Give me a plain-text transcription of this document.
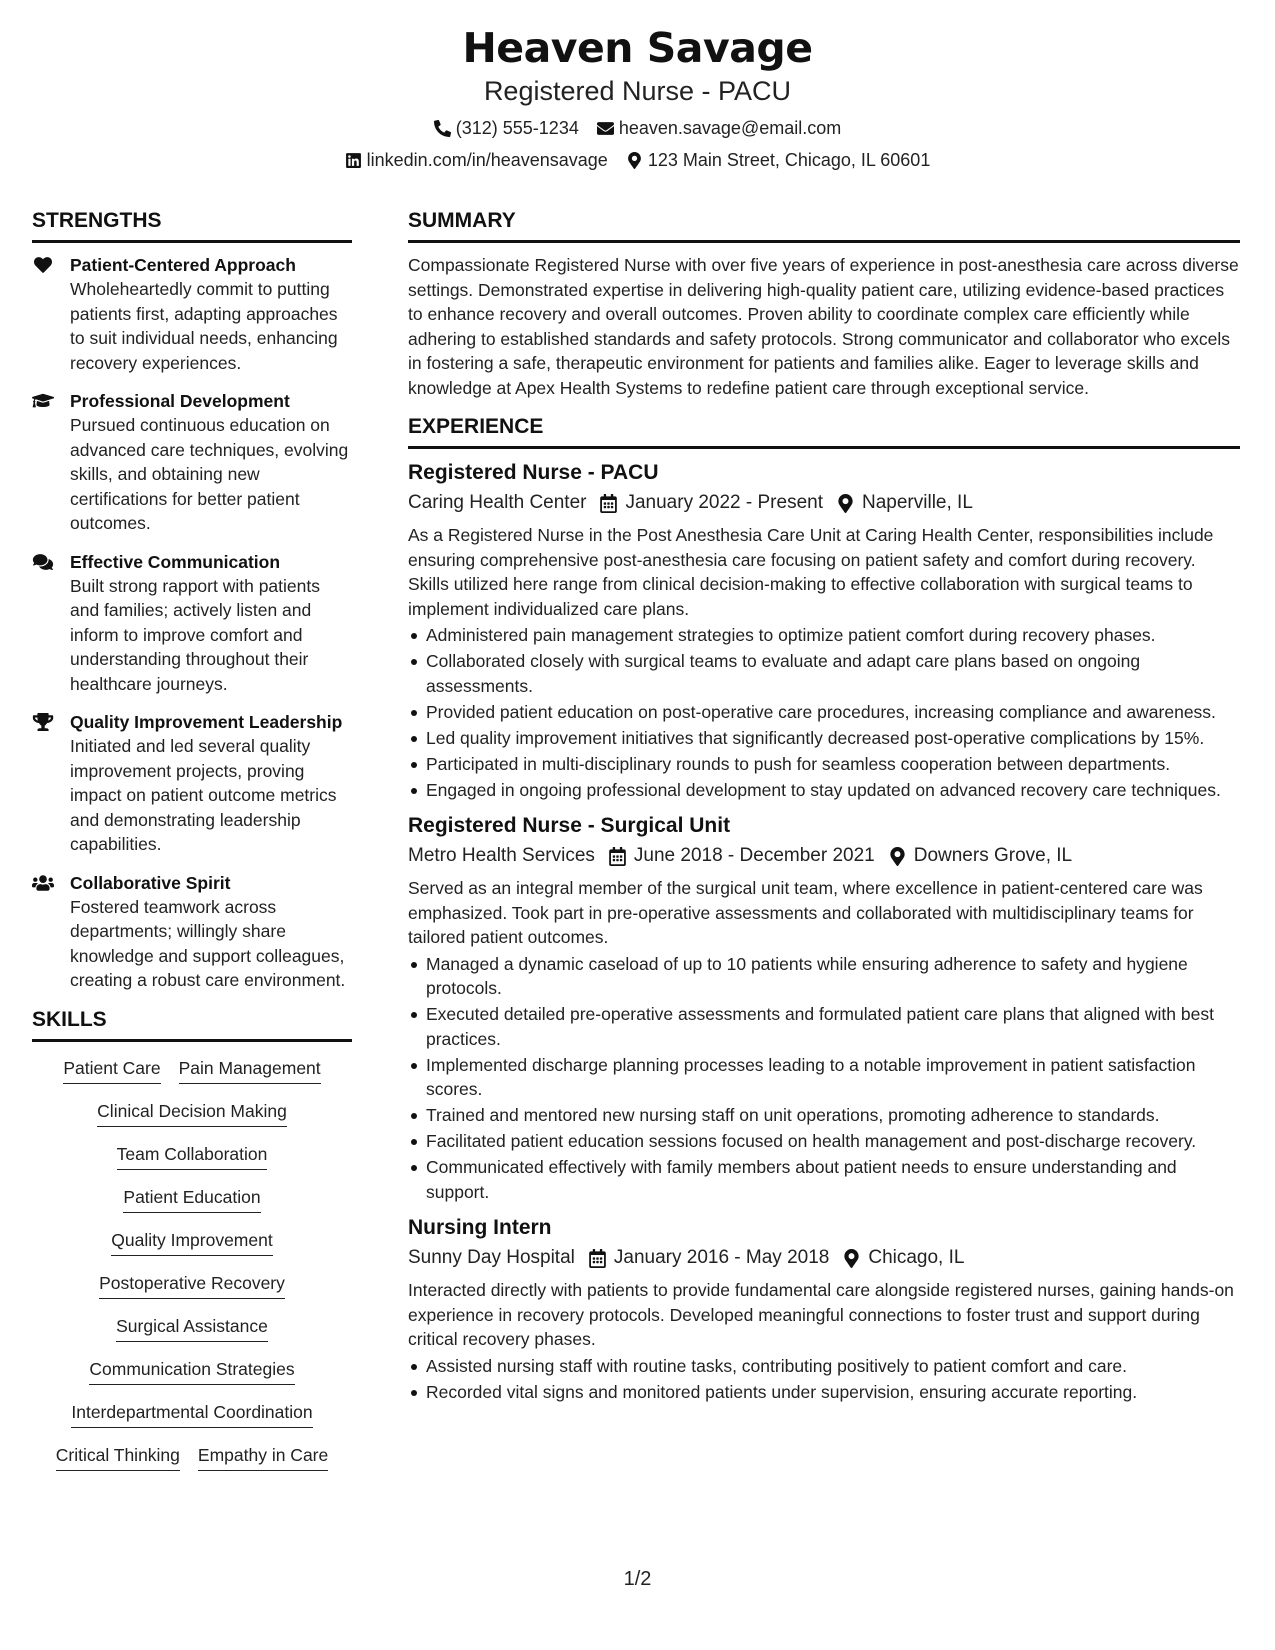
Heaven Savage
Registered Nurse - PACU
(312) 555-1234 heaven.savage@email.com
linkedin.com/in/heavensavage 123 Main Street, Chicago, IL 60601
STRENGTHS
Patient-Centered Approach
Wholeheartedly commit to putting patients first, adapting approaches to suit individual needs, enhancing recovery experiences.
Professional Development
Pursued continuous education on advanced care techniques, evolving skills, and obtaining new certifications for better patient outcomes.
Effective Communication
Built strong rapport with patients and families; actively listen and inform to improve comfort and understanding throughout their healthcare journeys.
Quality Improvement Leadership
Initiated and led several quality improvement projects, proving impact on patient outcome metrics and demonstrating leadership capabilities.
Collaborative Spirit
Fostered teamwork across departments; willingly share knowledge and support colleagues, creating a robust care environment.
SKILLS
Patient Care Pain Management
Clinical Decision Making
Team Collaboration
Patient Education
Quality Improvement
Postoperative Recovery
Surgical Assistance
Communication Strategies
Interdepartmental Coordination
Critical Thinking Empathy in Care
SUMMARY
Compassionate Registered Nurse with over five years of experience in post-anesthesia care across diverse settings. Demonstrated expertise in delivering high-quality patient care, utilizing evidence-based practices to enhance recovery and overall outcomes. Proven ability to coordinate complex care efficiently while adhering to established standards and safety protocols. Strong communicator and collaborator who excels in fostering a safe, therapeutic environment for patients and families alike. Eager to leverage skills and knowledge at Apex Health Systems to redefine patient care through exceptional service.
EXPERIENCE
Registered Nurse - PACU
Caring Health Center January 2022 - Present Naperville, IL
As a Registered Nurse in the Post Anesthesia Care Unit at Caring Health Center, responsibilities include ensuring comprehensive post-anesthesia care focusing on patient safety and comfort during recovery. Skills utilized here range from clinical decision-making to effective collaboration with surgical teams to implement individualized care plans.
Administered pain management strategies to optimize patient comfort during recovery phases.
Collaborated closely with surgical teams to evaluate and adapt care plans based on ongoing assessments.
Provided patient education on post-operative care procedures, increasing compliance and awareness.
Led quality improvement initiatives that significantly decreased post-operative complications by 15%.
Participated in multi-disciplinary rounds to push for seamless cooperation between departments.
Engaged in ongoing professional development to stay updated on advanced recovery care techniques.
Registered Nurse - Surgical Unit
Metro Health Services June 2018 - December 2021 Downers Grove, IL
Served as an integral member of the surgical unit team, where excellence in patient-centered care was emphasized. Took part in pre-operative assessments and collaborated with multidisciplinary teams for tailored patient outcomes.
Managed a dynamic caseload of up to 10 patients while ensuring adherence to safety and hygiene protocols.
Executed detailed pre-operative assessments and formulated patient care plans that aligned with best practices.
Implemented discharge planning processes leading to a notable improvement in patient satisfaction scores.
Trained and mentored new nursing staff on unit operations, promoting adherence to standards.
Facilitated patient education sessions focused on health management and post-discharge recovery.
Communicated effectively with family members about patient needs to ensure understanding and support.
Nursing Intern
Sunny Day Hospital January 2016 - May 2018 Chicago, IL
Interacted directly with patients to provide fundamental care alongside registered nurses, gaining hands-on experience in recovery protocols. Developed meaningful connections to foster trust and support during critical recovery phases.
Assisted nursing staff with routine tasks, contributing positively to patient comfort and care.
Recorded vital signs and monitored patients under supervision, ensuring accurate reporting.
1/2
